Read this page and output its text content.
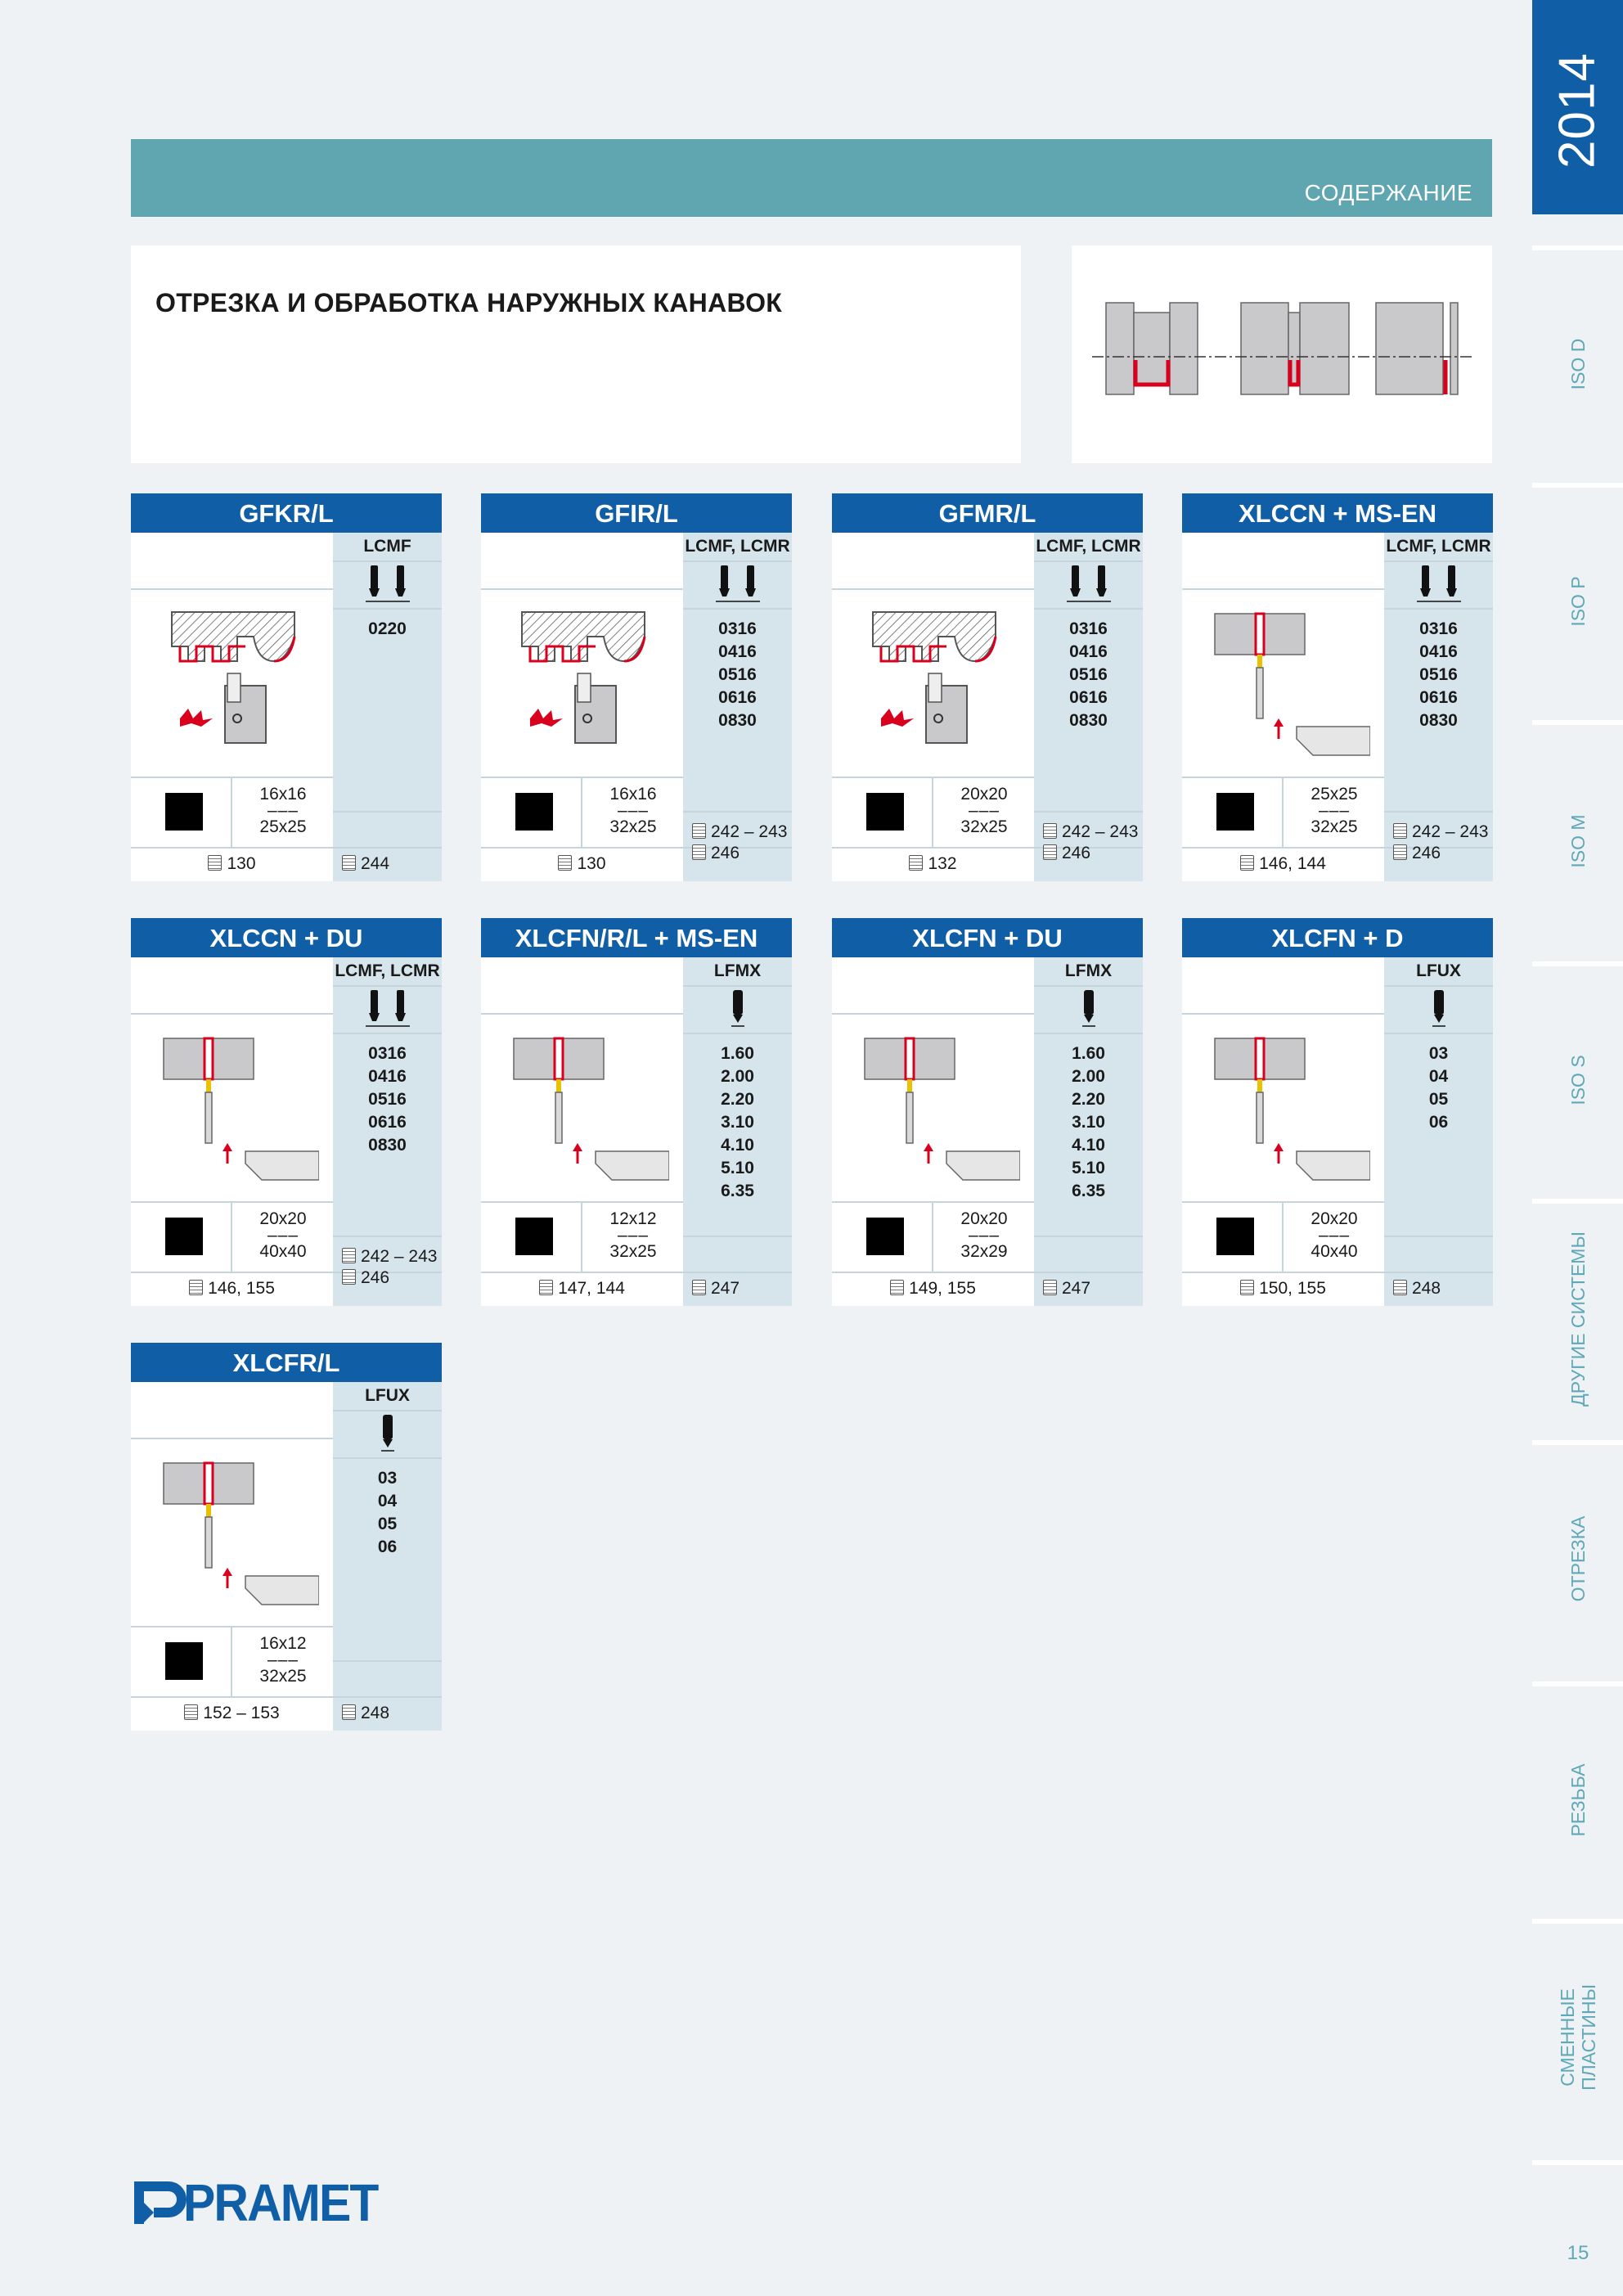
СОДЕРЖАНИЕ
ОТРЕЗКА И ОБРАБОТКА НАРУЖНЫХ КАНАВОК
GFKR/L
LCMF
0220
16x16
–––
25x25
130	244
GFIR/L
LCMF, LCMR
0316
0416
0516
0616
0830
16x16
–––
32x25	242 – 243
130
246
GFMR/L
LCMF, LCMR
0316
0416
0516
0616
0830
20x20
–––
32x25	242 – 243
132
246
XLCCN + MS-EN
LCMF, LCMR
0316
0416
0516
0616
0830
25x25
–––
32x25	242 – 243
146, 144
246
XLCCN + DU
LCMF, LCMR
0316
0416
0516
0616
0830
20x20
–––
40x40	242 – 243
146, 155
246
XLCFN/R/L + MS-EN
LFMX
1.60
2.00
2.20
3.10
4.10
5.10
6.35
12x12
–––
32x25
147, 144	247
XLCFN + DU
LFMX
1.60
2.00
2.20
3.10
4.10
5.10
6.35
20x20
–––
32x29
149, 155	247
XLCFN + D
LFUX
03
04
05
06
20x20
–––
40x40
150, 155	248
XLCFR/L
LFUX
03
04
05
06
16x12
–––
32x25
152 – 153	248
PRAMET
2014
ISO D
ISO P
ISO M
ISO S
ДРУГИЕ СИСТЕМЫ
ОТРЕЗКА
РЕЗЬБА
СМЕННЫЕ ПЛАСТИНЫ
15
